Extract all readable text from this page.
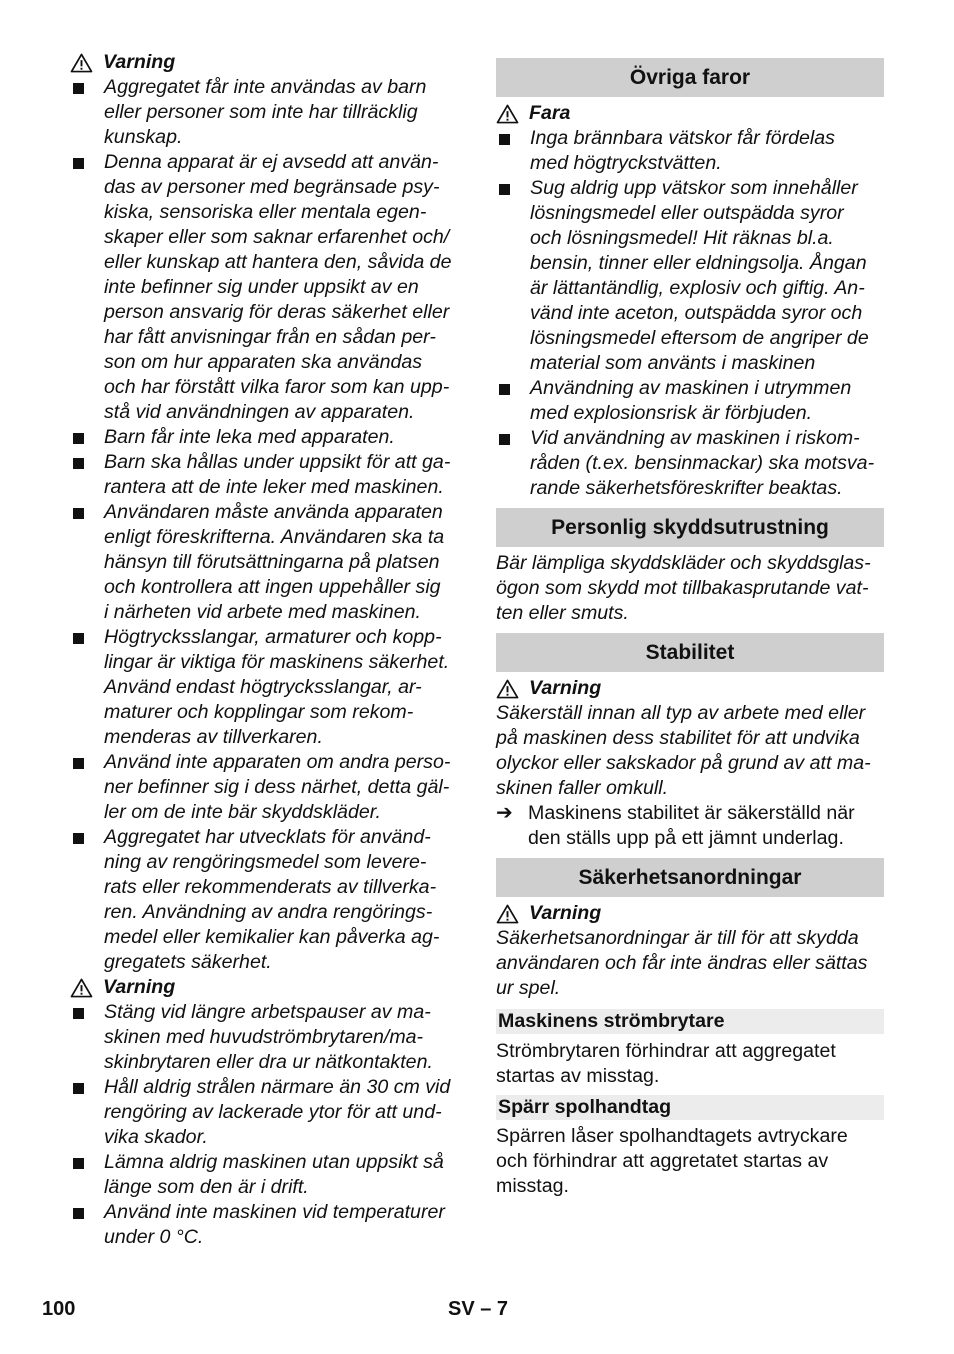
Varning
Aggregatet får inte användas av barn
eller personer som inte har tillräcklig
kunskap.
Denna apparat är ej avsedd att använ-
das av personer med begränsade psy-
kiska, sensoriska eller mentala egen-
skaper eller som saknar erfarenhet och/
eller kunskap att hantera den, såvida de
inte befinner sig under uppsikt av en
person ansvarig för deras säkerhet eller
har fått anvisningar från en sådan per-
son om hur apparaten ska användas
och har förstått vilka faror som kan upp-
stå vid användningen av apparaten.
Barn får inte leka med apparaten.
Barn ska hållas under uppsikt för att ga-
rantera att de inte leker med maskinen.
Användaren måste använda apparaten
enligt föreskrifterna. Användaren ska ta
hänsyn till förutsättningarna på platsen
och kontrollera att ingen uppehåller sig
i närheten vid arbete med maskinen.
Högtrycksslangar, armaturer och kopp-
lingar är viktiga för maskinens säkerhet.
Använd endast högtrycksslangar, ar-
maturer och kopplingar som rekom-
menderas av tillverkaren.
Använd inte apparaten om andra perso-
ner befinner sig i dess närhet, detta gäl-
ler om de inte bär skyddskläder.
Aggregatet har utvecklats för använd-
ning av rengöringsmedel som levere-
rats eller rekommenderats av tillverka-
ren. Användning av andra rengörings-
medel eller kemikalier kan påverka ag-
gregatets säkerhet.
Varning
Stäng vid längre arbetspauser av ma-
skinen med huvudströmbrytaren/ma-
skinbrytaren eller dra ur nätkontakten.
Håll aldrig strålen närmare än 30 cm vid
rengöring av lackerade ytor för att und-
vika skador.
Lämna aldrig maskinen utan uppsikt så
länge som den är i drift.
Använd inte maskinen vid temperaturer
under 0 °C.
Övriga faror
Fara
Inga brännbara vätskor får fördelas
med högtryckstvätten.
Sug aldrig upp vätskor som innehåller
lösningsmedel eller outspädda syror
och lösningsmedel! Hit räknas bl.a.
bensin, tinner eller eldningsolja. Ångan
är lättantändlig, explosiv och giftig. An-
vänd inte aceton, outspädda syror och
lösningsmedel eftersom de angriper de
material som använts i maskinen
Användning av maskinen i utrymmen
med explosionsrisk är förbjuden.
Vid användning av maskinen i riskom-
råden (t.ex. bensinmackar) ska motsva-
rande säkerhetsföreskrifter beaktas.
Personlig skyddsutrustning
Bär lämpliga skyddskläder och skyddsglas-
ögon som skydd mot tillbakasprutande vat-
ten eller smuts.
Stabilitet
Varning
Säkerställ innan all typ av arbete med eller
på maskinen dess stabilitet för att undvika
olyckor eller sakskador på grund av att ma-
skinen faller omkull.
➔ Maskinens stabilitet är säkerställd när
den ställs upp på ett jämnt underlag.
Säkerhetsanordningar
Varning
Säkerhetsanordningar är till för att skydda
användaren och får inte ändras eller sättas
ur spel.
Maskinens strömbrytare
Strömbrytaren förhindrar att aggregatet
startas av misstag.
Spärr spolhandtag
Spärren låser spolhandtagets avtryckare
och förhindrar att aggretatet startas av
misstag.
100	SV – 7
